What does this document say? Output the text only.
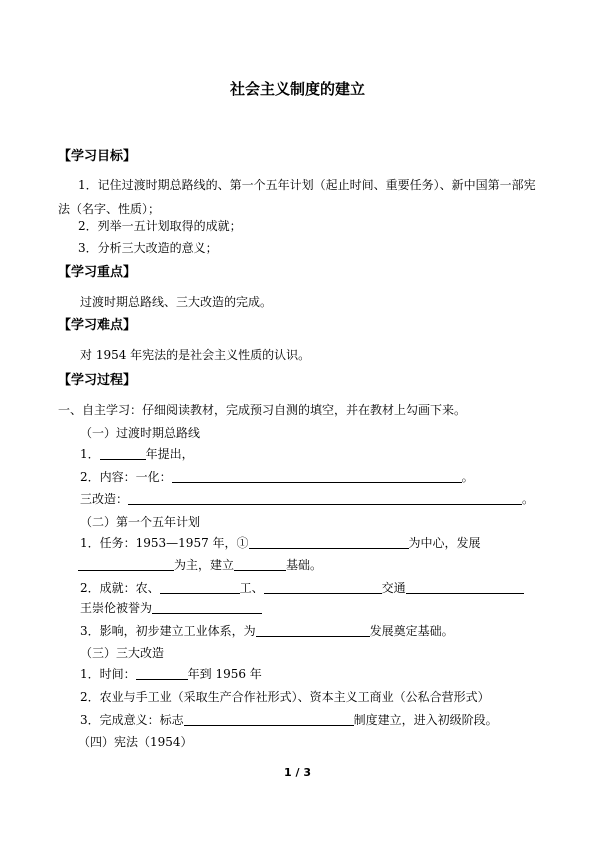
社会主义制度的建立
【学习目标】
1．记住过渡时期总路线的、第一个五年计划（起止时间、重要任务）、新中国第一部宪
法（名字、性质）；
2．列举一五计划取得的成就；
3．分析三大改造的意义；
【学习重点】
过渡时期总路线、三大改造的完成。
【学习难点】
对 1954 年宪法的是社会主义性质的认识。
【学习过程】
一、自主学习：仔细阅读教材，完成预习自测的填空，并在教材上勾画下来。
（一）过渡时期总路线
1．	年提出，
2．内容：一化：	。
三改造：	。
（二）第一个五年计划
1．任务：1953—1957 年，①	为中心，发展
为主，建立	基础。
2．成就：农、	工、	交通
王崇伦被誉为
3．影响，初步建立工业体系，为	发展奠定基础。
（三）三大改造
1．时间：	年到 1956 年
2．农业与手工业（采取生产合作社形式）、资本主义工商业（公私合营形式）
3．完成意义：标志	制度建立，进入初级阶段。
（四）宪法（1954）
1 / 3
